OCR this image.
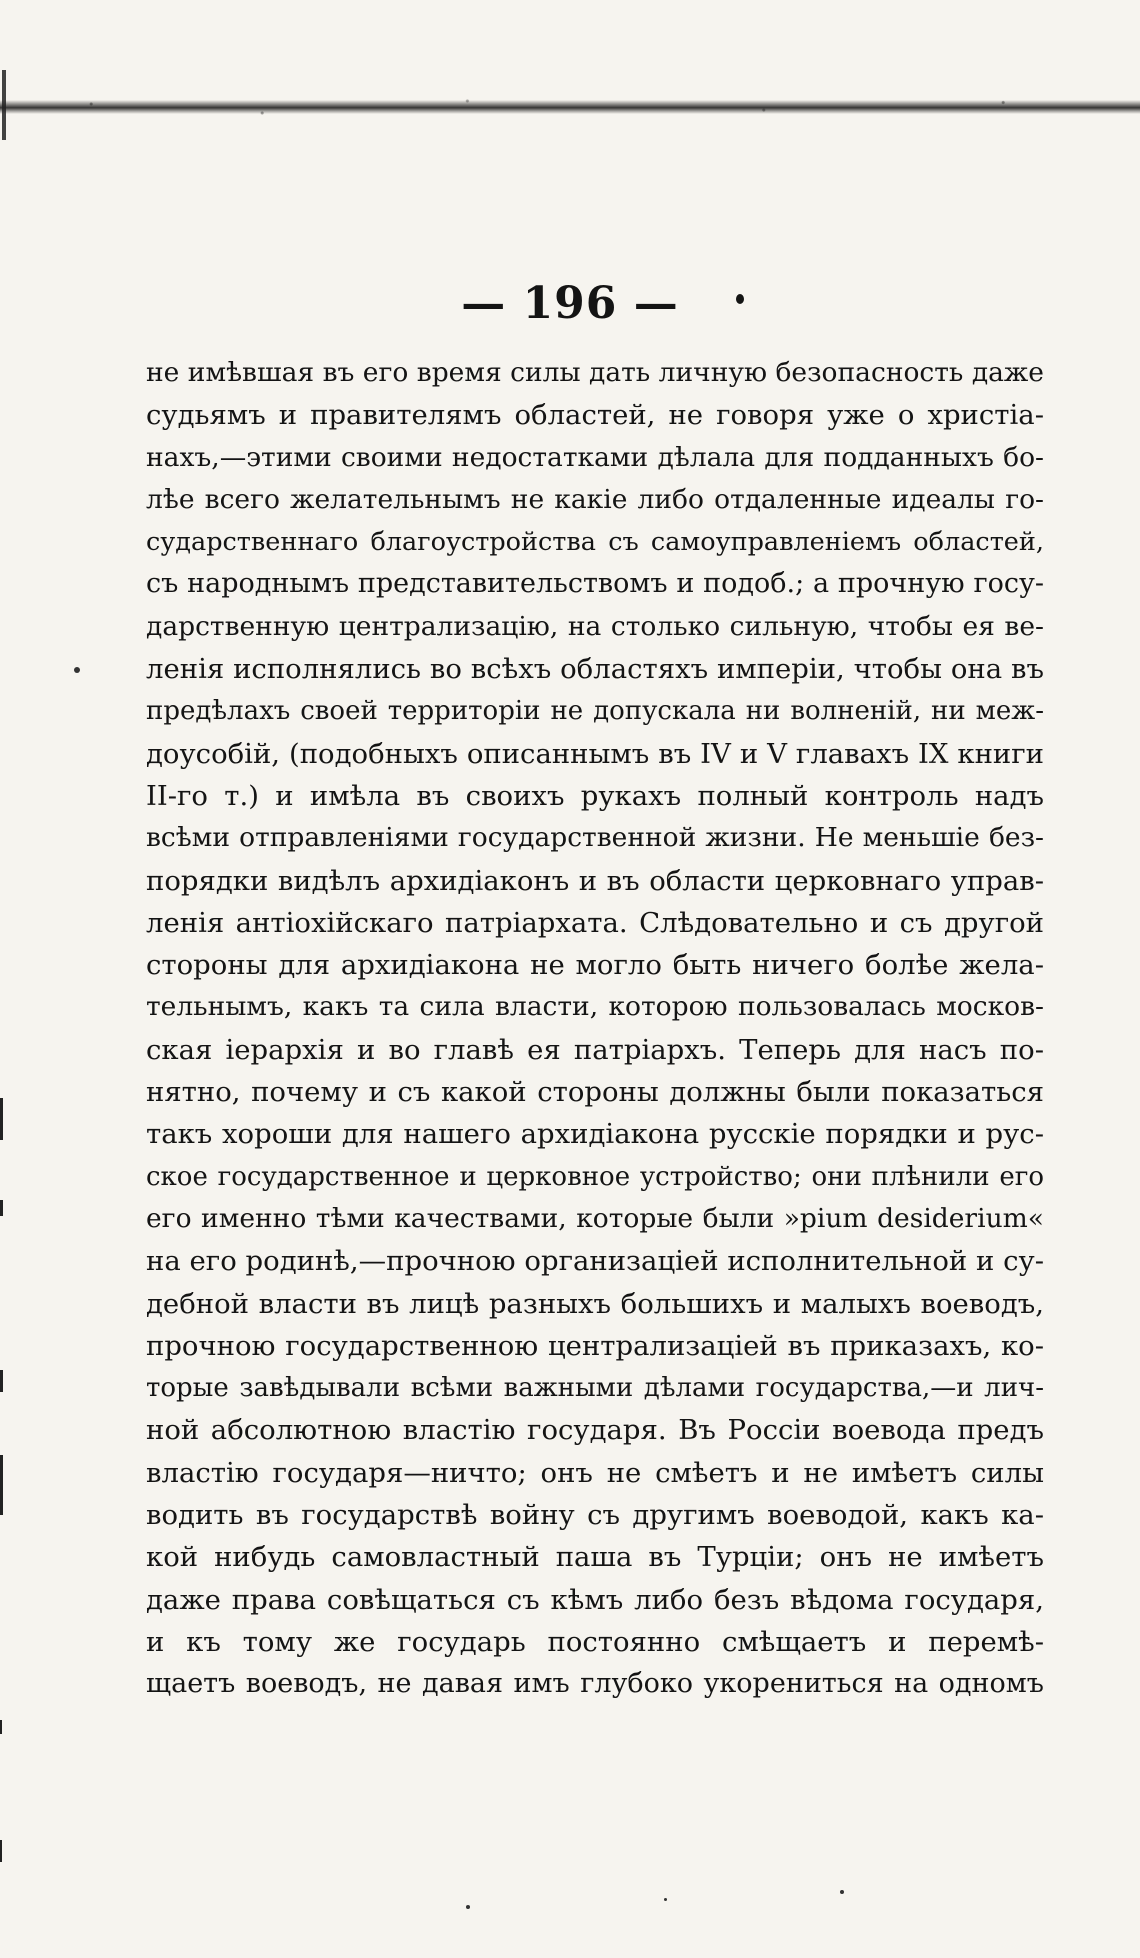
— 196 —
не имѣвшая въ его время силы дать личную безопасность даже
судьямъ и правителямъ областей, не говоря уже о христіа-
нахъ,—этими своими недостатками дѣлала для подданныхъ бо-
лѣе всего желательнымъ не какіе либо отдаленные идеалы го-
сударственнаго благоустройства съ самоуправленіемъ областей,
съ народнымъ представительствомъ и подоб.; а прочную госу-
дарственную централизацію, на столько сильную, чтобы ея ве-
ленія исполнялись во всѣхъ областяхъ имперіи, чтобы она въ
предѣлахъ своей территоріи не допускала ни волненій, ни меж-
доусобій, (подобныхъ описаннымъ въ IV и V главахъ IX книги
II-го т.) и имѣла въ своихъ рукахъ полный контроль надъ
всѣми отправленіями государственной жизни. Не меньшіе без-
порядки видѣлъ архидіаконъ и въ области церковнаго управ-
ленія антіохійскаго патріархата. Слѣдовательно и съ другой
стороны для архидіакона не могло быть ничего болѣе жела-
тельнымъ, какъ та сила власти, которою пользовалась москов-
ская іерархія и во главѣ ея патріархъ. Теперь для насъ по-
нятно, почему и съ какой стороны должны были показаться
такъ хороши для нашего архидіакона русскіе порядки и рус-
ское государственное и церковное устройство; они плѣнили его
его именно тѣми качествами, которые были »pium desiderium«
на его родинѣ,—прочною организаціей исполнительной и су-
дебной власти въ лицѣ разныхъ большихъ и малыхъ воеводъ,
прочною государственною централизаціей въ приказахъ, ко-
торые завѣдывали всѣми важными дѣлами государства,—и лич-
ной абсолютною властію государя. Въ Россіи воевода предъ
властію государя—ничто; онъ не смѣетъ и не имѣетъ силы
водить въ государствѣ войну съ другимъ воеводой, какъ ка-
кой нибудь самовластный паша въ Турціи; онъ не имѣетъ
даже права совѣщаться съ кѣмъ либо безъ вѣдома государя,
и къ тому же государь постоянно смѣщаетъ и перемѣ-
щаетъ воеводъ, не давая имъ глубоко укорениться на одномъ
